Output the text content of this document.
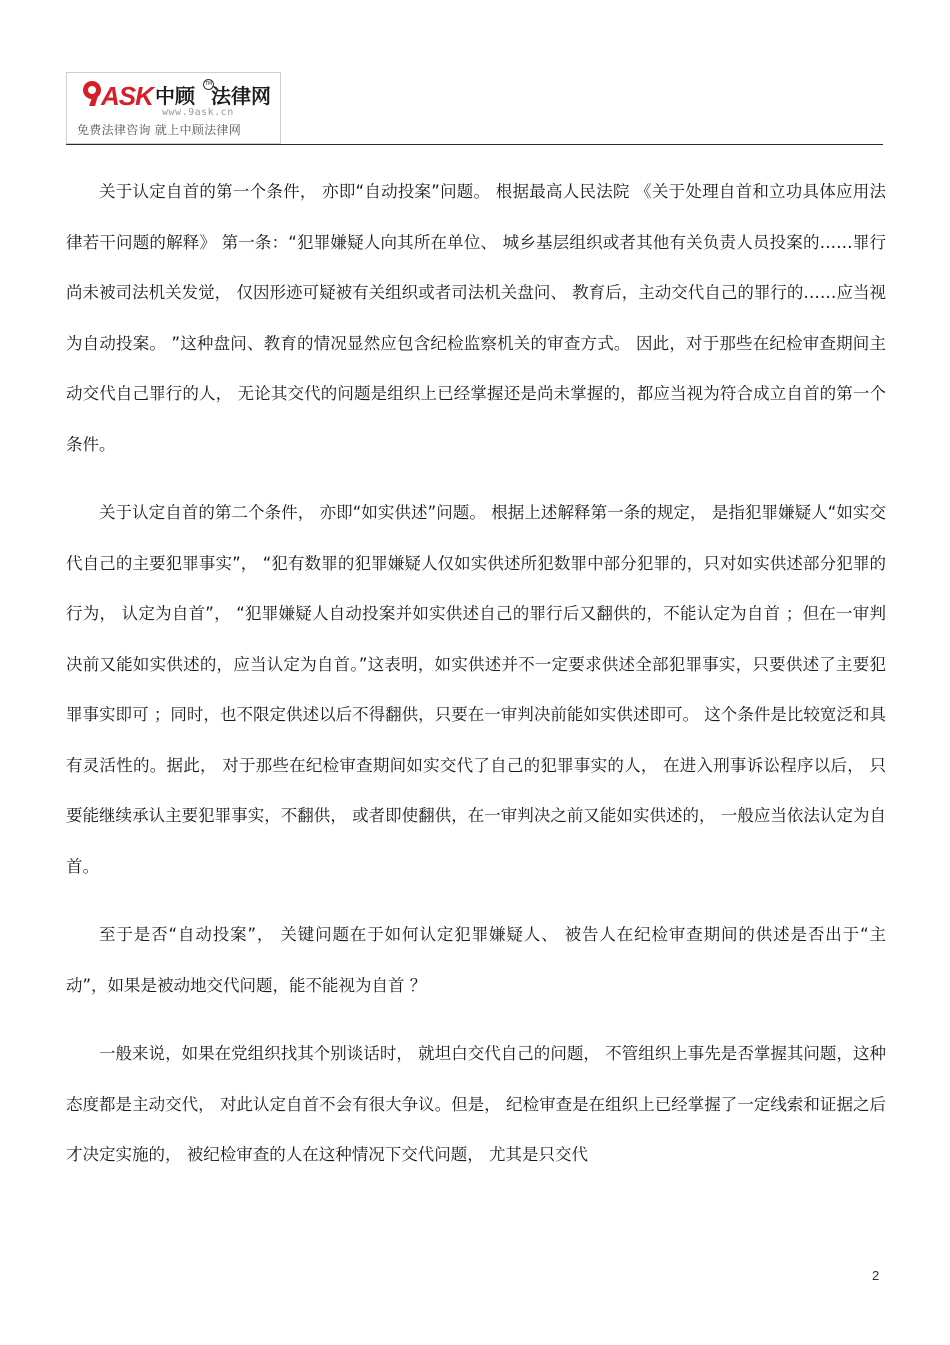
ASK 中顾	TM
法律网
www.9ask.cn
免费法律咨询 就上中顾法律网

关于认定自首的第一个条件， 亦即“自动投案”问题。 根据最高人民法院 《关于处理自首和立功具体应用法律若干问题的解释》 第一条：“犯罪嫌疑人向其所在单位、 城乡基层组织或者其他有关负责人员投案的……罪行尚未被司法机关发觉， 仅因形迹可疑被有关组织或者司法机关盘问、 教育后，主动交代自己的罪行的……应当视为自动投案。 ”这种盘问、教育的情况显然应包含纪检监察机关的审查方式。 因此，对于那些在纪检审查期间主动交代自己罪行的人， 无论其交代的问题是组织上已经掌握还是尚未掌握的，都应当视为符合成立自首的第一个条件。

关于认定自首的第二个条件， 亦即“如实供述”问题。 根据上述解释第一条的规定， 是指犯罪嫌疑人“如实交代自己的主要犯罪事实”， “犯有数罪的犯罪嫌疑人仅如实供述所犯数罪中部分犯罪的，只对如实供述部分犯罪的行为， 认定为自首”， “犯罪嫌疑人自动投案并如实供述自己的罪行后又翻供的，不能认定为自首 ；但在一审判决前又能如实供述的，应当认定为自首。”这表明，如实供述并不一定要求供述全部犯罪事实，只要供述了主要犯罪事实即可 ；同时，也不限定供述以后不得翻供，只要在一审判决前能如实供述即可。 这个条件是比较宽泛和具有灵活性的。据此， 对于那些在纪检审查期间如实交代了自己的犯罪事实的人， 在进入刑事诉讼程序以后， 只要能继续承认主要犯罪事实，不翻供， 或者即使翻供，在一审判决之前又能如实供述的， 一般应当依法认定为自首。

至于是否“自动投案”， 关键问题在于如何认定犯罪嫌疑人、 被告人在纪检审查期间的供述是否出于“主动”，如果是被动地交代问题，能不能视为自首 ？

一般来说，如果在党组织找其个别谈话时， 就坦白交代自己的问题， 不管组织上事先是否掌握其问题，这种态度都是主动交代， 对此认定自首不会有很大争议。但是， 纪检审查是在组织上已经掌握了一定线索和证据之后才决定实施的， 被纪检审查的人在这种情况下交代问题， 尤其是只交代

2
